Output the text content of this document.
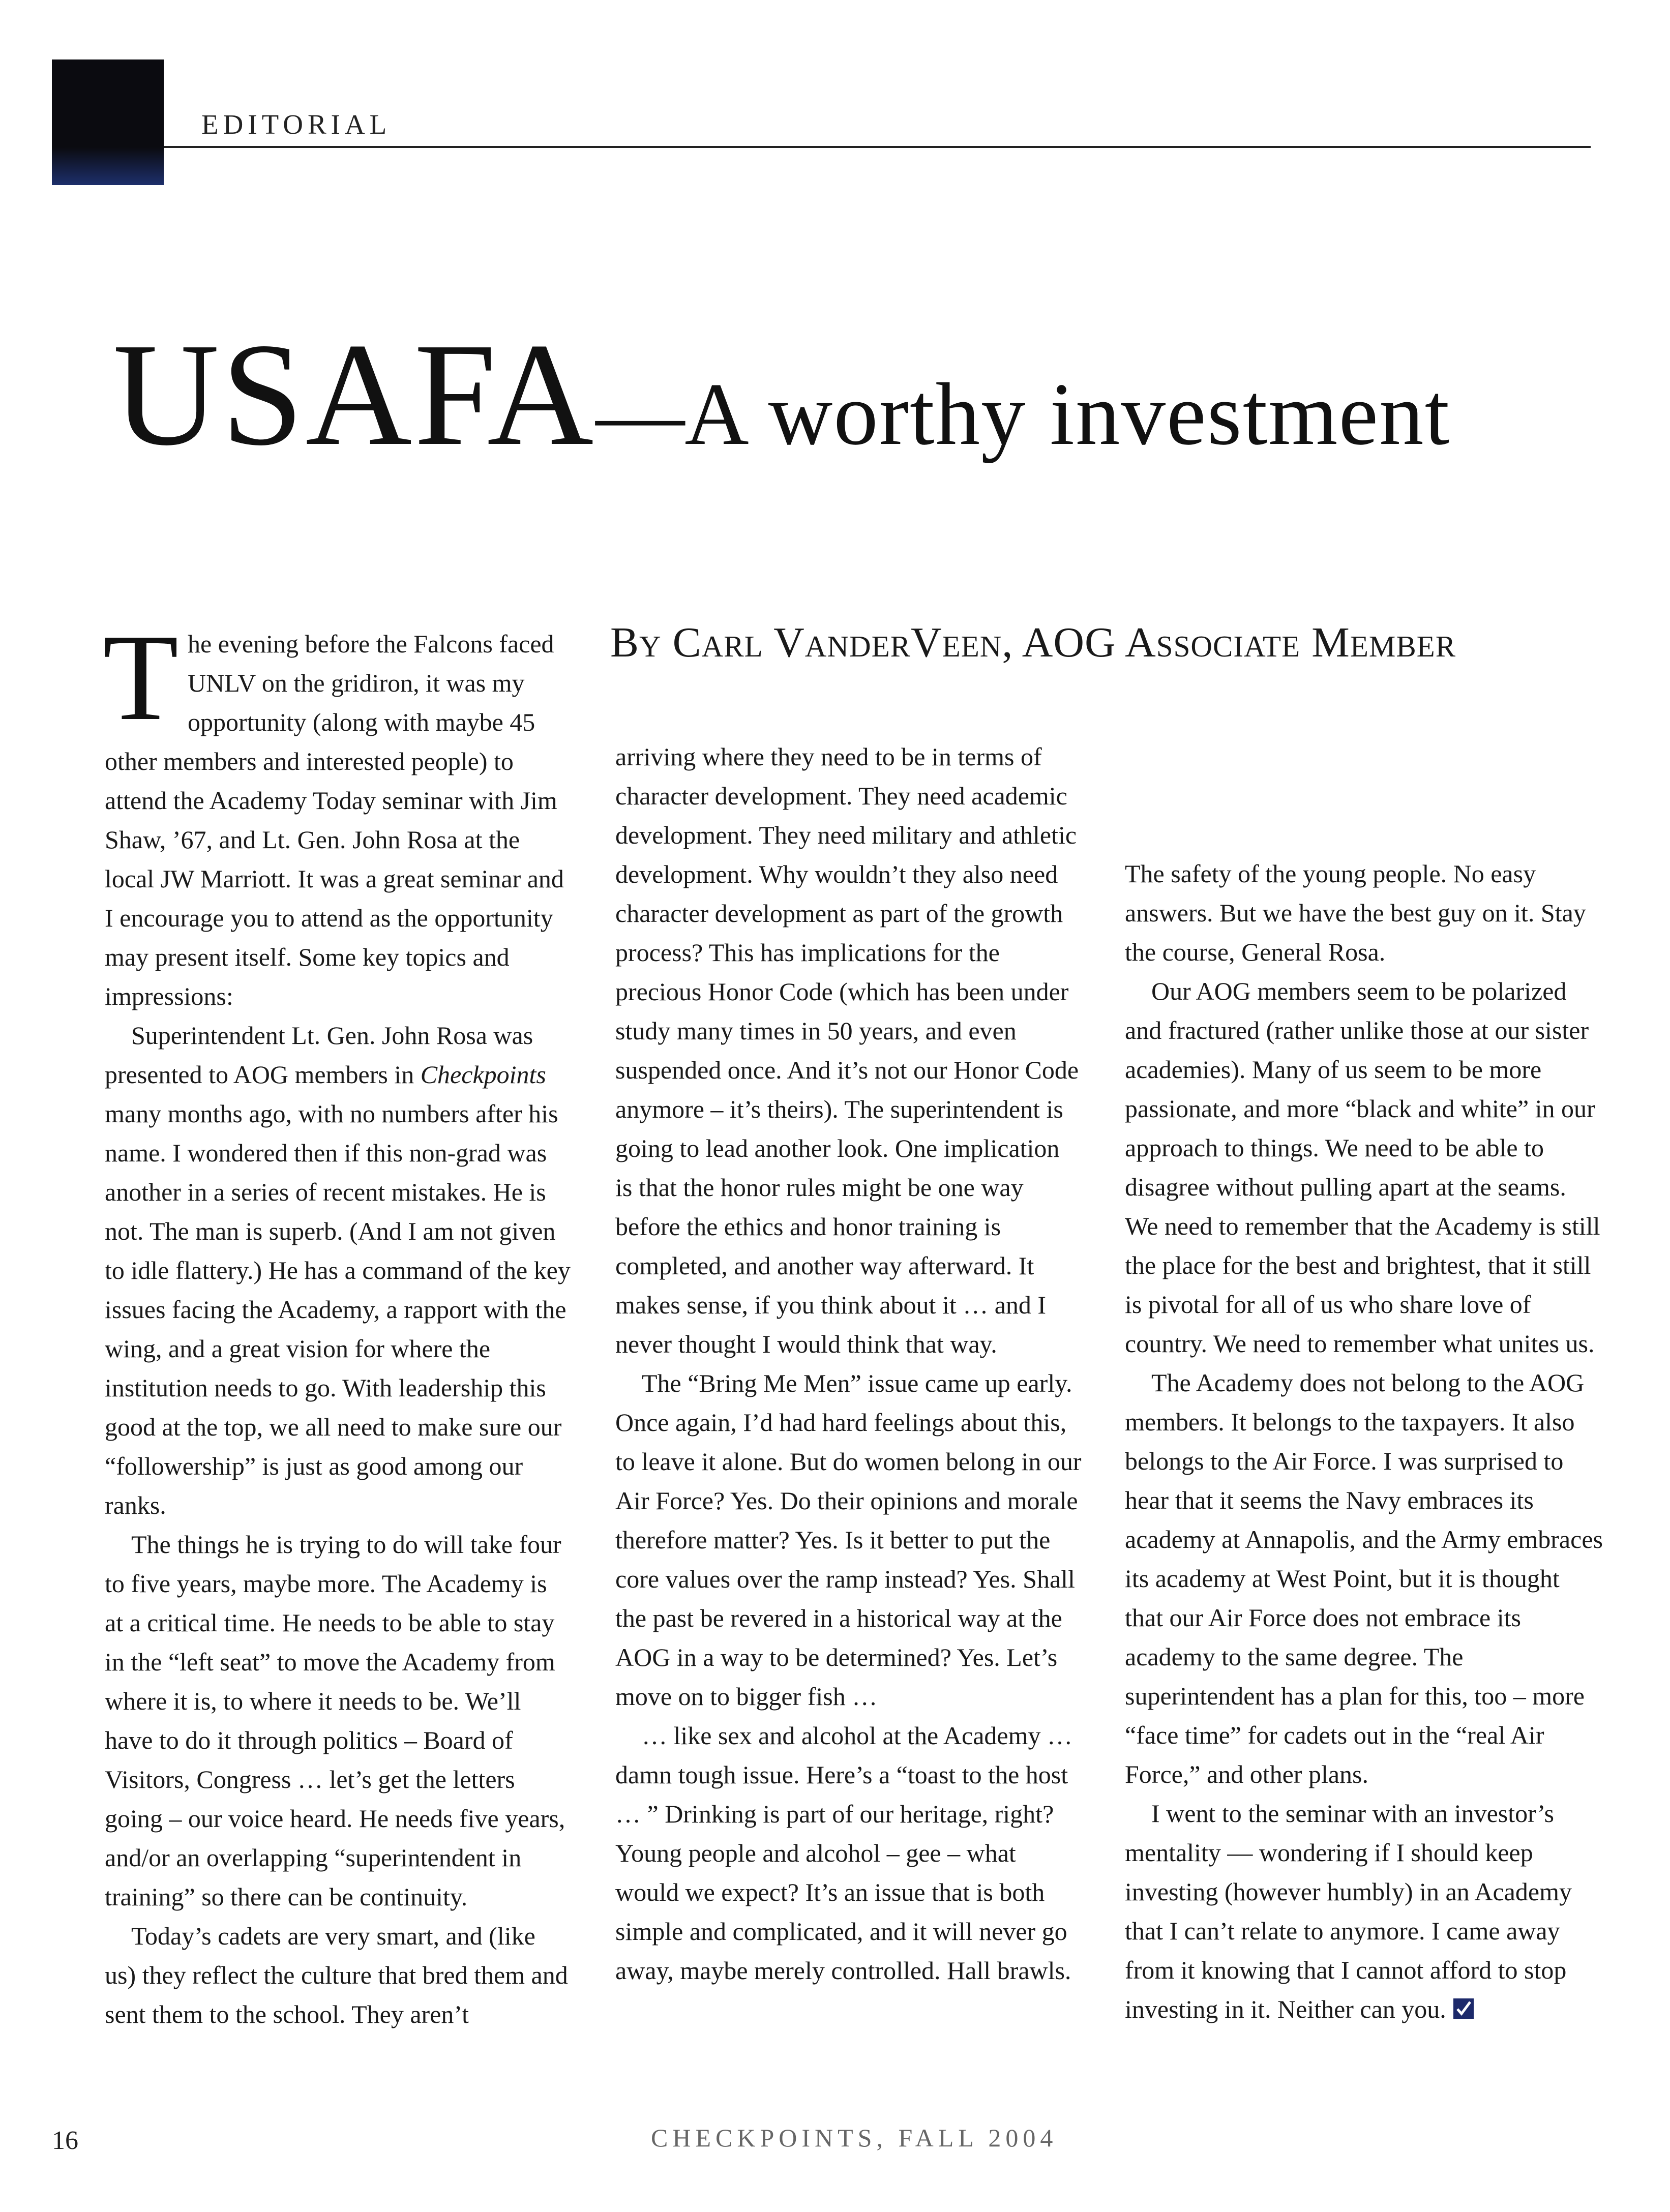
EDITORIAL
USAFA—A worthy investment
By Carl VanderVeen, AOG Associate Member

The evening before the Falcons faced UNLV on the gridiron, it was my opportunity (along with maybe 45 other members and interested people) to attend the Academy Today seminar with Jim Shaw, ’67, and Lt. Gen. John Rosa at the local JW Marriott. It was a great seminar and I encourage you to attend as the opportunity may present itself. Some key topics and impressions:

Superintendent Lt. Gen. John Rosa was presented to AOG members in Checkpoints many months ago, with no numbers after his name. I wondered then if this non-grad was another in a series of recent mistakes. He is not. The man is superb. (And I am not given to idle flattery.) He has a command of the key issues facing the Academy, a rapport with the wing, and a great vision for where the institution needs to go. With leadership this good at the top, we all need to make sure our “followership” is just as good among our ranks.

The things he is trying to do will take four to five years, maybe more. The Academy is at a critical time. He needs to be able to stay in the “left seat” to move the Academy from where it is, to where it needs to be. We’ll have to do it through politics – Board of Visitors, Congress … let’s get the letters going – our voice heard. He needs five years, and/or an overlapping “superintendent in training” so there can be continuity.

Today’s cadets are very smart, and (like us) they reflect the culture that bred them and sent them to the school. They aren’t

arriving where they need to be in terms of character development. They need academic development. They need military and athletic development. Why wouldn’t they also need character development as part of the growth process? This has implications for the precious Honor Code (which has been under study many times in 50 years, and even suspended once. And it’s not our Honor Code anymore – it’s theirs). The superintendent is going to lead another look. One implication is that the honor rules might be one way before the ethics and honor training is completed, and another way afterward. It makes sense, if you think about it … and I never thought I would think that way.

The “Bring Me Men” issue came up early. Once again, I’d had hard feelings about this, to leave it alone. But do women belong in our Air Force? Yes. Do their opinions and morale therefore matter? Yes. Is it better to put the core values over the ramp instead? Yes. Shall the past be revered in a historical way at the AOG in a way to be determined? Yes. Let’s move on to bigger fish …

… like sex and alcohol at the Academy … damn tough issue. Here’s a “toast to the host … ” Drinking is part of our heritage, right? Young people and alcohol – gee – what would we expect? It’s an issue that is both simple and complicated, and it will never go away, maybe merely controlled. Hall brawls.

The safety of the young people. No easy answers. But we have the best guy on it. Stay the course, General Rosa.

Our AOG members seem to be polarized and fractured (rather unlike those at our sister academies). Many of us seem to be more passionate, and more “black and white” in our approach to things. We need to be able to disagree without pulling apart at the seams. We need to remember that the Academy is still the place for the best and brightest, that it still is pivotal for all of us who share love of country. We need to remember what unites us.

The Academy does not belong to the AOG members. It belongs to the taxpayers. It also belongs to the Air Force. I was surprised to hear that it seems the Navy embraces its academy at Annapolis, and the Army embraces its academy at West Point, but it is thought that our Air Force does not embrace its academy to the same degree. The superintendent has a plan for this, too – more “face time” for cadets out in the “real Air Force,” and other plans.

I went to the seminar with an investor’s mentality — wondering if I should keep investing (however humbly) in an Academy that I can’t relate to anymore. I came away from it knowing that I cannot afford to stop investing in it. Neither can you.

16	CHECKPOINTS, FALL 2004
